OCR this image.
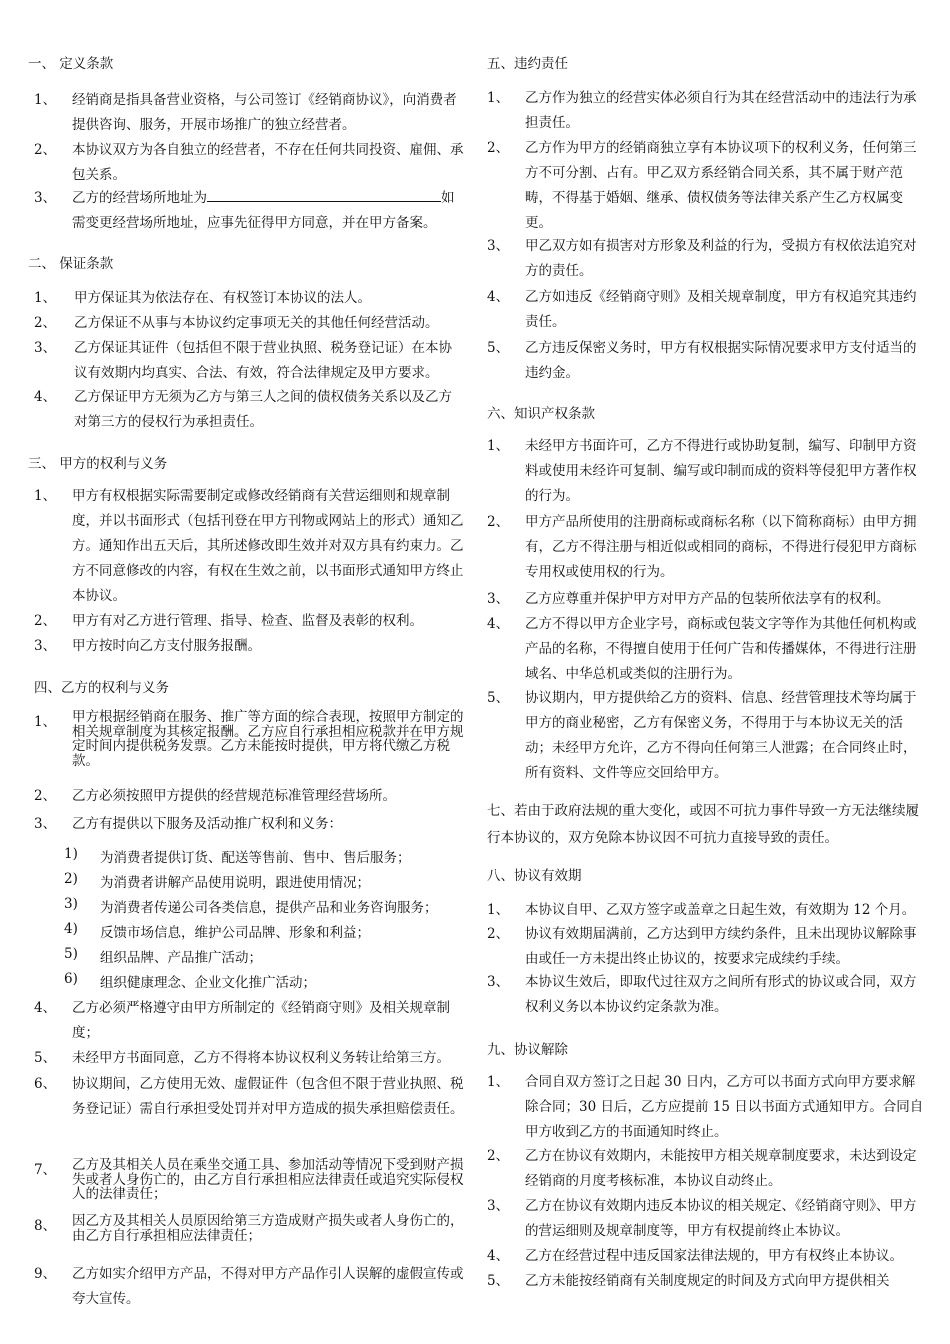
一、 定义条款
1、 经销商是指具备营业资格，与公司签订《经销商协议》，向消费者提供咨询、服务，开展市场推广的独立经营者。
2、 本协议双方为各自独立的经营者，不存在任何共同投资、雇佣、承包关系。
3、 乙方的经营场所地址为	如需变更经营场所地址，应事先征得甲方同意，并在甲方备案。
二、 保证条款
1、 甲方保证其为依法存在、有权签订本协议的法人。
2、 乙方保证不从事与本协议约定事项无关的其他任何经营活动。
3、 乙方保证其证件（包括但不限于营业执照、税务登记证）在本协议有效期内均真实、合法、有效，符合法律规定及甲方要求。
4、 乙方保证甲方无须为乙方与第三人之间的债权债务关系以及乙方对第三方的侵权行为承担责任。
三、 甲方的权利与义务
1、 甲方有权根据实际需要制定或修改经销商有关营运细则和规章制度，并以书面形式（包括刊登在甲方刊物或网站上的形式）通知乙方。通知作出五天后，其所述修改即生效并对双方具有约束力。乙方不同意修改的内容，有权在生效之前，以书面形式通知甲方终止本协议。
2、 甲方有对乙方进行管理、指导、检查、监督及表彰的权利。
3、 甲方按时向乙方支付服务报酬。
四、乙方的权利与义务
1、 甲方根据经销商在服务、推广等方面的综合表现，按照甲方制定的相关规章制度为其核定报酬。乙方应自行承担相应税款并在甲方规定时间内提供税务发票。乙方未能按时提供，甲方将代缴乙方税款。
2、 乙方必须按照甲方提供的经营规范标准管理经营场所。
3、 乙方有提供以下服务及活动推广权利和义务：
1) 为消费者提供订货、配送等售前、售中、售后服务；
2) 为消费者讲解产品使用说明，跟进使用情况；
3) 为消费者传递公司各类信息，提供产品和业务咨询服务；
4) 反馈市场信息，维护公司品牌、形象和利益；
5) 组织品牌、产品推广活动；
6) 组织健康理念、企业文化推广活动；
4、 乙方必须严格遵守由甲方所制定的《经销商守则》及相关规章制度；
5、 未经甲方书面同意，乙方不得将本协议权利义务转让给第三方。
6、 协议期间，乙方使用无效、虚假证件（包含但不限于营业执照、税务登记证）需自行承担受处罚并对甲方造成的损失承担赔偿责任。
7、 乙方及其相关人员在乘坐交通工具、参加活动等情况下受到财产损失或者人身伤亡的，由乙方自行承担相应法律责任或追究实际侵权人的法律责任；
8、 因乙方及其相关人员原因给第三方造成财产损失或者人身伤亡的，由乙方自行承担相应法律责任；
9、 乙方如实介绍甲方产品，不得对甲方产品作引人误解的虚假宣传或夸大宣传。
五、违约责任
1、 乙方作为独立的经营实体必须自行为其在经营活动中的违法行为承担责任。
2、 乙方作为甲方的经销商独立享有本协议项下的权利义务，任何第三方不可分割、占有。甲乙双方系经销合同关系，其不属于财产范畴，不得基于婚姻、继承、债权债务等法律关系产生乙方权属变更。
3、 甲乙双方如有损害对方形象及利益的行为，受损方有权依法追究对方的责任。
4、 乙方如违反《经销商守则》及相关规章制度，甲方有权追究其违约责任。
5、 乙方违反保密义务时，甲方有权根据实际情况要求甲方支付适当的违约金。
六、知识产权条款
1、 未经甲方书面许可，乙方不得进行或协助复制，编写、印制甲方资料或使用未经许可复制、编写或印制而成的资料等侵犯甲方著作权的行为。
2、 甲方产品所使用的注册商标或商标名称（以下简称商标）由甲方拥有，乙方不得注册与相近似或相同的商标，不得进行侵犯甲方商标专用权或使用权的行为。
3、 乙方应尊重并保护甲方对甲方产品的包装所依法享有的权利。
4、 乙方不得以甲方企业字号，商标或包装文字等作为其他任何机构或产品的名称，不得擅自使用于任何广告和传播媒体，不得进行注册域名、中华总机或类似的注册行为。
5、 协议期内，甲方提供给乙方的资料、信息、经营管理技术等均属于甲方的商业秘密，乙方有保密义务，不得用于与本协议无关的活动；未经甲方允许，乙方不得向任何第三人泄露；在合同终止时，所有资料、文件等应交回给甲方。
七、若由于政府法规的重大变化，或因不可抗力事件导致一方无法继续履行本协议的，双方免除本协议因不可抗力直接导致的责任。
八、协议有效期
1、 本协议自甲、乙双方签字或盖章之日起生效，有效期为 12 个月。
2、 协议有效期届满前，乙方达到甲方续约条件，且未出现协议解除事由或任一方未提出终止协议的，按要求完成续约手续。
3、 本协议生效后，即取代过往双方之间所有形式的协议或合同，双方权利义务以本协议约定条款为准。
九、协议解除
1、 合同自双方签订之日起 30 日内，乙方可以书面方式向甲方要求解除合同；30 日后，乙方应提前 15 日以书面方式通知甲方。合同自甲方收到乙方的书面通知时终止。
2、 乙方在协议有效期内，未能按甲方相关规章制度要求，未达到设定经销商的月度考核标准，本协议自动终止。
3、 乙方在协议有效期内违反本协议的相关规定、《经销商守则》、甲方的营运细则及规章制度等，甲方有权提前终止本协议。
4、 乙方在经营过程中违反国家法律法规的，甲方有权终止本协议。
5、 乙方未能按经销商有关制度规定的时间及方式向甲方提供相关
